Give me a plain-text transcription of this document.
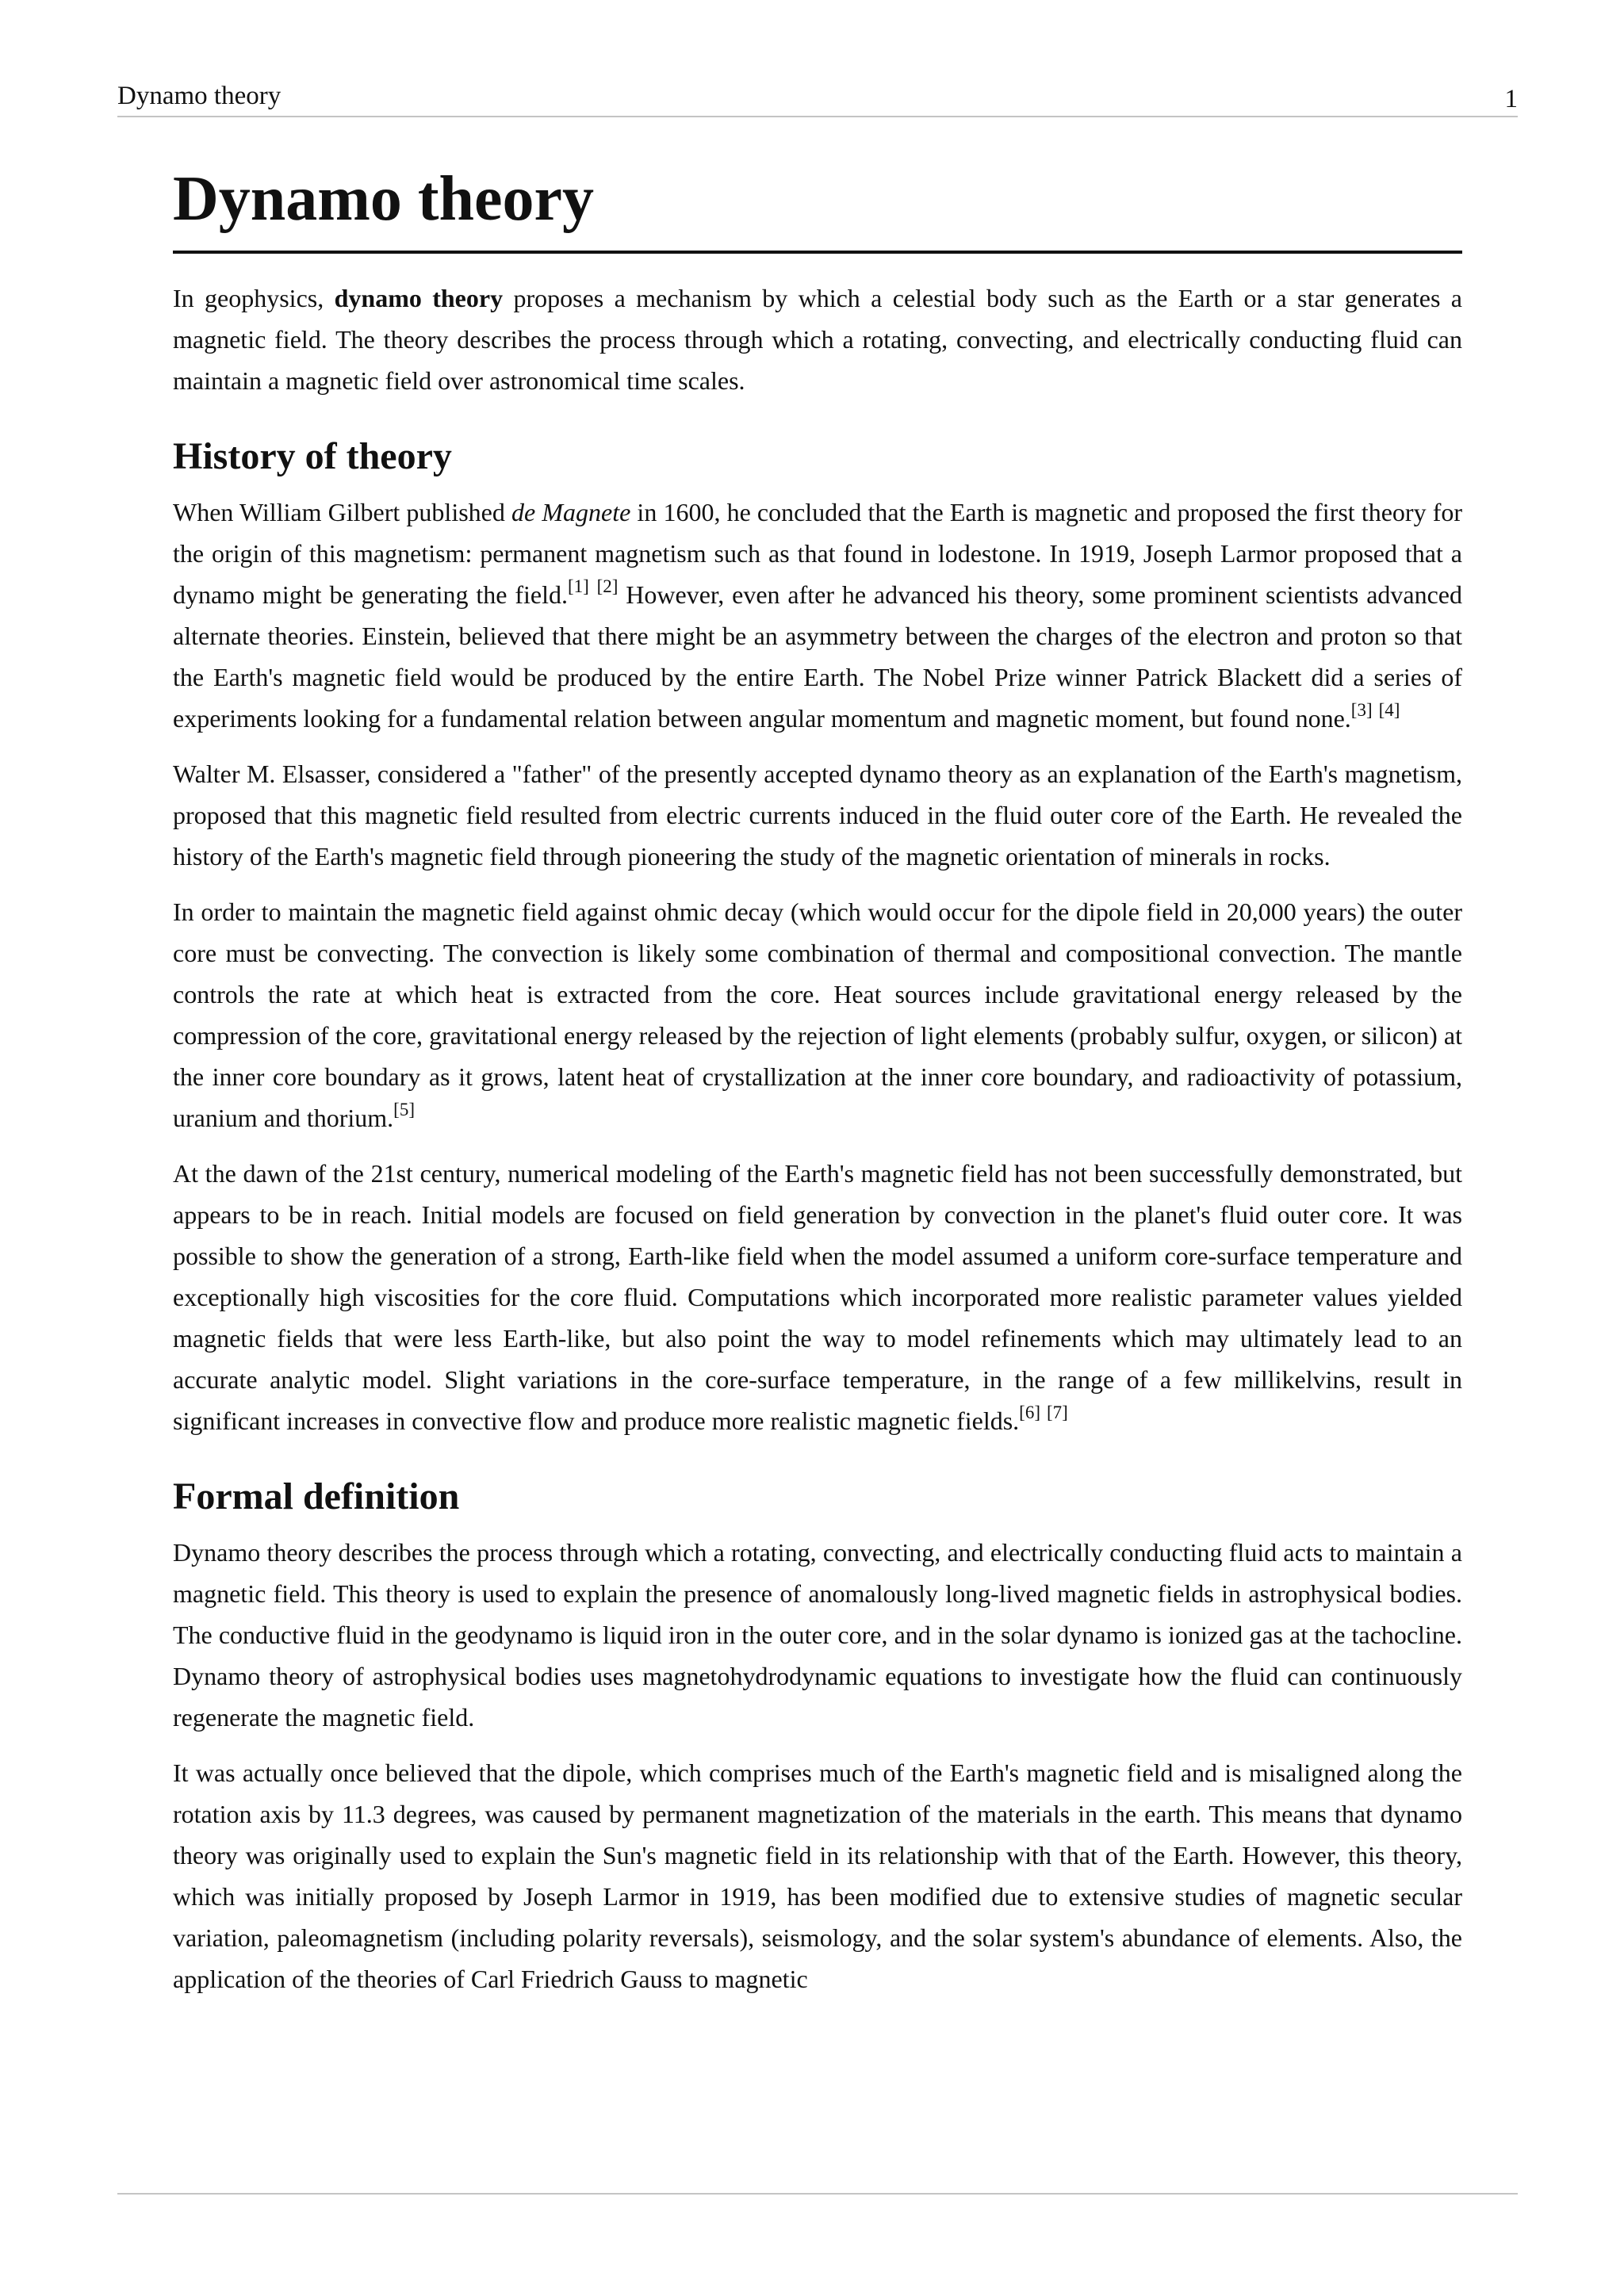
Dynamo theory	1
Dynamo theory

In geophysics, dynamo theory proposes a mechanism by which a celestial body such as the Earth or a star generates a magnetic field. The theory describes the process through which a rotating, convecting, and electrically conducting fluid can maintain a magnetic field over astronomical time scales.

History of theory

When William Gilbert published de Magnete in 1600, he concluded that the Earth is magnetic and proposed the first theory for the origin of this magnetism: permanent magnetism such as that found in lodestone. In 1919, Joseph Larmor proposed that a dynamo might be generating the field.[1] [2] However, even after he advanced his theory, some prominent scientists advanced alternate theories. Einstein, believed that there might be an asymmetry between the charges of the electron and proton so that the Earth's magnetic field would be produced by the entire Earth. The Nobel Prize winner Patrick Blackett did a series of experiments looking for a fundamental relation between angular momentum and magnetic moment, but found none.[3] [4]

Walter M. Elsasser, considered a "father" of the presently accepted dynamo theory as an explanation of the Earth's magnetism, proposed that this magnetic field resulted from electric currents induced in the fluid outer core of the Earth. He revealed the history of the Earth's magnetic field through pioneering the study of the magnetic orientation of minerals in rocks.

In order to maintain the magnetic field against ohmic decay (which would occur for the dipole field in 20,000 years) the outer core must be convecting. The convection is likely some combination of thermal and compositional convection. The mantle controls the rate at which heat is extracted from the core. Heat sources include gravitational energy released by the compression of the core, gravitational energy released by the rejection of light elements (probably sulfur, oxygen, or silicon) at the inner core boundary as it grows, latent heat of crystallization at the inner core boundary, and radioactivity of potassium, uranium and thorium.[5]

At the dawn of the 21st century, numerical modeling of the Earth's magnetic field has not been successfully demonstrated, but appears to be in reach. Initial models are focused on field generation by convection in the planet's fluid outer core. It was possible to show the generation of a strong, Earth-like field when the model assumed a uniform core-surface temperature and exceptionally high viscosities for the core fluid. Computations which incorporated more realistic parameter values yielded magnetic fields that were less Earth-like, but also point the way to model refinements which may ultimately lead to an accurate analytic model. Slight variations in the core-surface temperature, in the range of a few millikelvins, result in significant increases in convective flow and produce more realistic magnetic fields.[6] [7]

Formal definition

Dynamo theory describes the process through which a rotating, convecting, and electrically conducting fluid acts to maintain a magnetic field. This theory is used to explain the presence of anomalously long-lived magnetic fields in astrophysical bodies. The conductive fluid in the geodynamo is liquid iron in the outer core, and in the solar dynamo is ionized gas at the tachocline. Dynamo theory of astrophysical bodies uses magnetohydrodynamic equations to investigate how the fluid can continuously regenerate the magnetic field.

It was actually once believed that the dipole, which comprises much of the Earth's magnetic field and is misaligned along the rotation axis by 11.3 degrees, was caused by permanent magnetization of the materials in the earth. This means that dynamo theory was originally used to explain the Sun's magnetic field in its relationship with that of the Earth. However, this theory, which was initially proposed by Joseph Larmor in 1919, has been modified due to extensive studies of magnetic secular variation, paleomagnetism (including polarity reversals), seismology, and the solar system's abundance of elements. Also, the application of the theories of Carl Friedrich Gauss to magnetic
